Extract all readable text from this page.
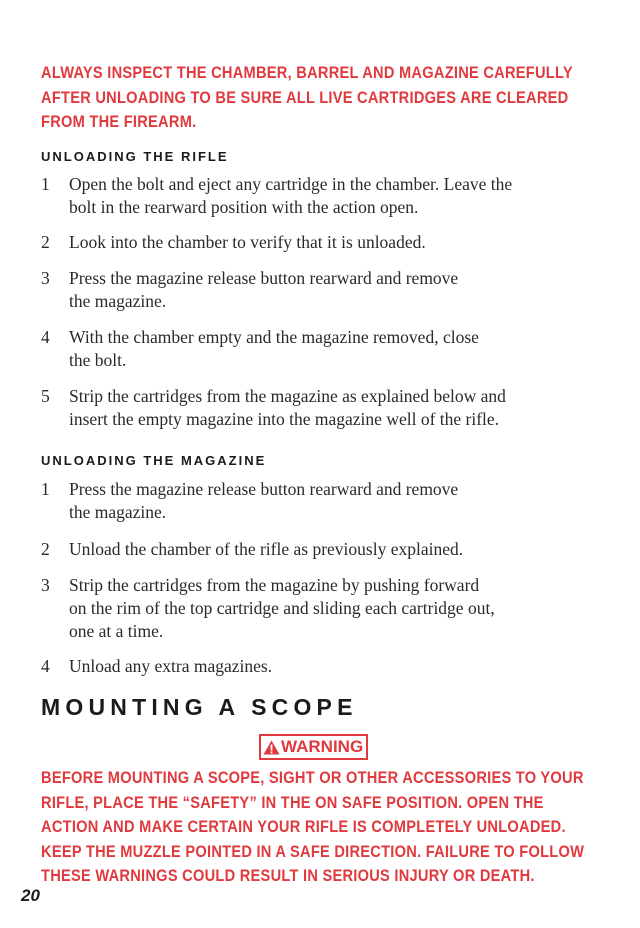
ALWAYS INSPECT THE CHAMBER, BARREL AND MAGAZINE CAREFULLY
AFTER UNLOADING TO BE SURE ALL LIVE CARTRIDGES ARE CLEARED
FROM THE FIREARM.
UNLOADING THE RIFLE
1 Open the bolt and eject any cartridge in the chamber. Leave the
bolt in the rearward position with the action open.
2 Look into the chamber to verify that it is unloaded.
3 Press the magazine release button rearward and remove
the magazine.
4 With the chamber empty and the magazine removed, close
the bolt.
5 Strip the cartridges from the magazine as explained below and
insert the empty magazine into the magazine well of the rifle.
UNLOADING THE MAGAZINE
1 Press the magazine release button rearward and remove
the magazine.
2 Unload the chamber of the rifle as previously explained.
3 Strip the cartridges from the magazine by pushing forward
on the rim of the top cartridge and sliding each cartridge out,
one at a time.
4 Unload any extra magazines.
MOUNTING A SCOPE
WARNING
BEFORE MOUNTING A SCOPE, SIGHT OR OTHER ACCESSORIES TO YOUR
RIFLE, PLACE THE “SAFETY” IN THE ON SAFE POSITION. OPEN THE
ACTION AND MAKE CERTAIN YOUR RIFLE IS COMPLETELY UNLOADED.
KEEP THE MUZZLE POINTED IN A SAFE DIRECTION. FAILURE TO FOLLOW
THESE WARNINGS COULD RESULT IN SERIOUS INJURY OR DEATH.
20
